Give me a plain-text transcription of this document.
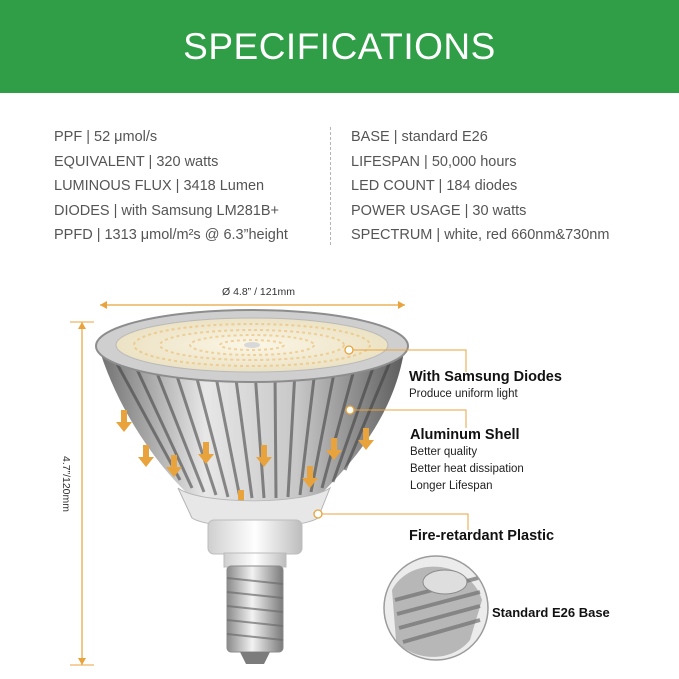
SPECIFICATIONS
PPF | 52 μmol/s
EQUIVALENT | 320 watts
LUMINOUS FLUX | 3418 Lumen
DIODES | with Samsung LM281B+
PPFD | 1313 μmol/m²s @ 6.3”height
BASE | standard E26
LIFESPAN | 50,000 hours
LED COUNT | 184 diodes
POWER USAGE | 30 watts
SPECTRUM | white, red 660nm&730nm
Ø 4.8” / 121mm
4.7”/120mm
With Samsung Diodes
Produce uniform light
Aluminum Shell
Better quality
Better heat dissipation
Longer Lifespan
Fire-retardant Plastic
Standard E26 Base
